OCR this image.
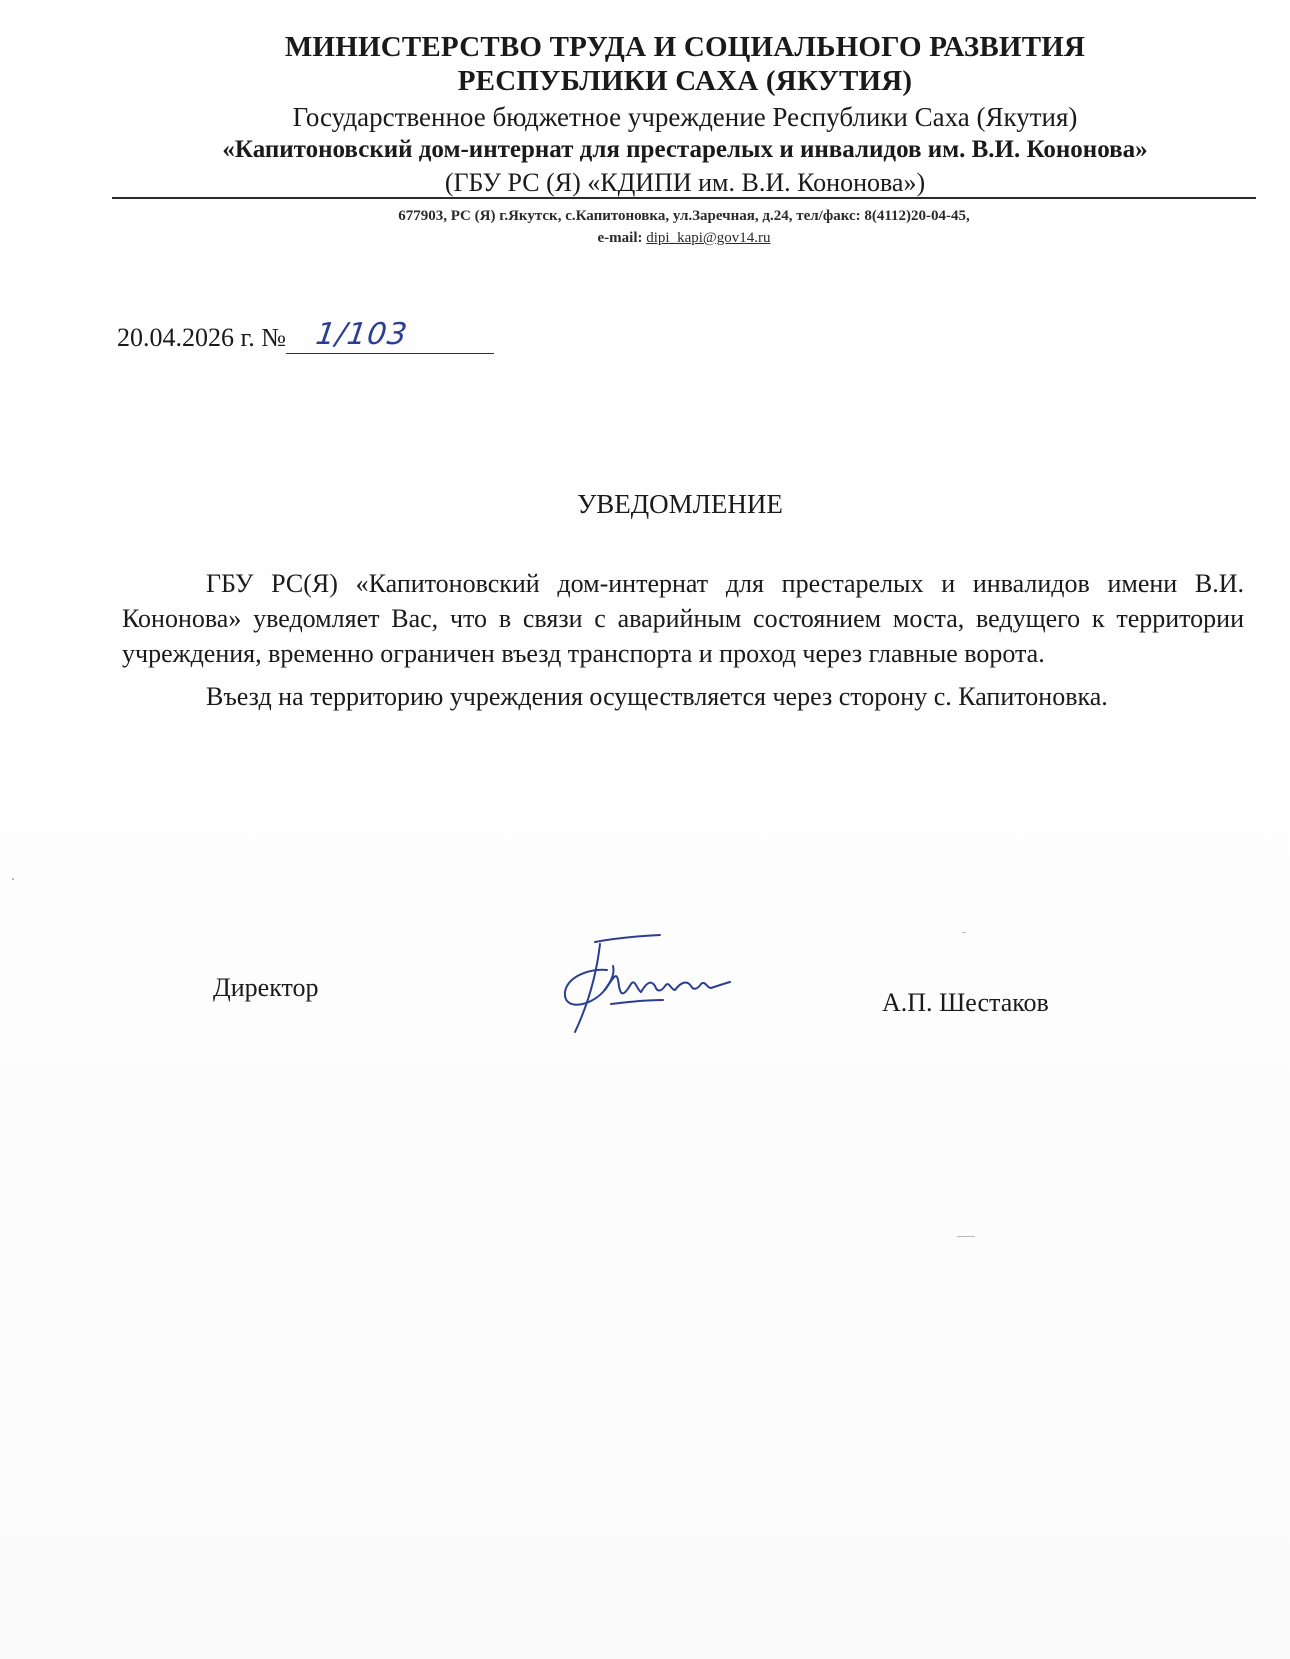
МИНИСТЕРСТВО ТРУДА И СОЦИАЛЬНОГО РАЗВИТИЯ
РЕСПУБЛИКИ САХА (ЯКУТИЯ)
Государственное бюджетное учреждение Республики Саха (Якутия)
«Капитоновский дом-интернат для престарелых и инвалидов им. В.И. Кононова»
(ГБУ РС (Я) «КДИПИ им. В.И. Кононова»)
677903, РС (Я) г.Якутск, с.Капитоновка, ул.Заречная, д.24, тел/факс: 8(4112)20-04-45,
e-mail: dipi_kapi@gov14.ru
20.04.2026 г. № 1/103
УВЕДОМЛЕНИЕ

ГБУ РС(Я) «Капитоновский дом-интернат для престарелых и инвалидов имени В.И. Кононова» уведомляет Вас, что в связи с аварийным состоянием моста, ведущего к территории учреждения, временно ограничен въезд транспорта и проход через главные ворота.

Въезд на территорию учреждения осуществляется через сторону с. Капитоновка.

Директор
А.П. Шестаков
